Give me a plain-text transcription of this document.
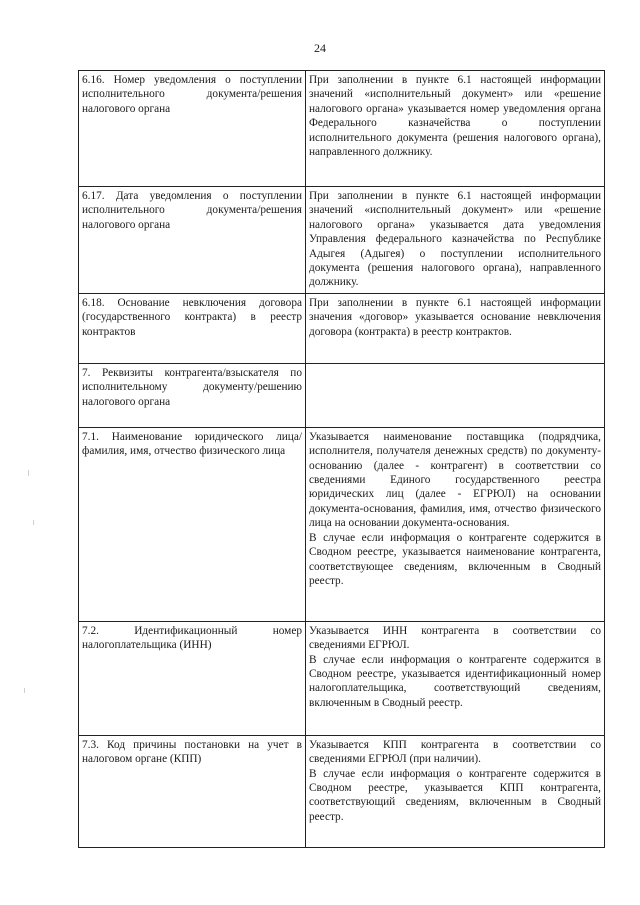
24
6.16. Номер уведомления о поступлении исполнительного документа/решения налогового органа	При заполнении в пункте 6.1 настоящей информации значений «исполнительный документ» или «решение налогового органа» указывается номер уведомления органа Федерального казначейства о поступлении исполнительного документа (решения налогового органа), направленного должнику.

6.17. Дата уведомления о поступлении исполнительного документа/решения налогового органа	При заполнении в пункте 6.1 настоящей информации значений «исполнительный документ» или «решение налогового органа» указывается дата уведомления Управления федерального казначейства по Республике Адыгея (Адыгея) о поступлении исполнительного документа (решения налогового органа), направленного должнику.

6.18. Основание невключения договора (государственного контракта) в реестр контрактов	При заполнении в пункте 6.1 настоящей информации значения «договор» указывается основание невключения договора (контракта) в реестр контрактов.

7. Реквизиты контрагента/взыскателя по исполнительному документу/решению налогового органа	

7.1. Наименование юридического лица/фамилия, имя, отчество физического лица	Указывается наименование поставщика (подрядчика, исполнителя, получателя денежных средств) по документу-основанию (далее - контрагент) в соответствии со сведениями Единого государственного реестра юридических лиц (далее - ЕГРЮЛ) на основании документа-основания, фамилия, имя, отчество физического лица на основании документа-основания.
В случае если информация о контрагенте содержится в Сводном реестре, указывается наименование контрагента, соответствующее сведениям, включенным в Сводный реестр.

7.2. Идентификационный номер налогоплательщика (ИНН)	Указывается ИНН контрагента в соответствии со сведениями ЕГРЮЛ.
В случае если информация о контрагенте содержится в Сводном реестре, указывается идентификационный номер налогоплательщика, соответствующий сведениям, включенным в Сводный реестр.

7.3. Код причины постановки на учет в налоговом органе (КПП)	Указывается КПП контрагента в соответствии со сведениями ЕГРЮЛ (при наличии).
В случае если информация о контрагенте содержится в Сводном реестре, указывается КПП контрагента, соответствующий сведениям, включенным в Сводный реестр.
